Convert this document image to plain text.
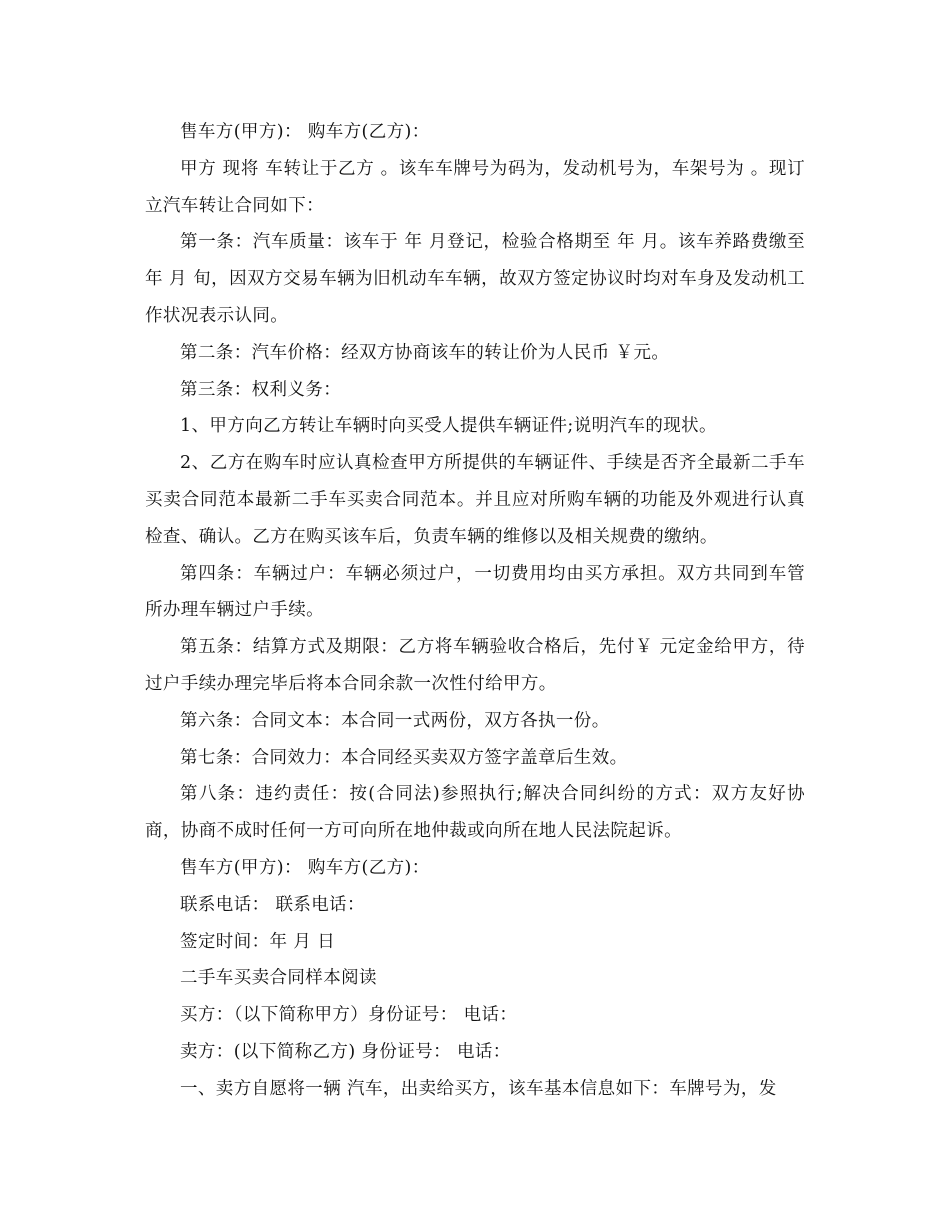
售车方(甲方)： 购车方(乙方)：

甲方 现将 车转让于乙方 。该车车牌号为码为，发动机号为，车架号为 。现订立汽车转让合同如下：

第一条：汽车质量：该车于 年 月登记，检验合格期至 年 月。该车养路费缴至 年 月 旬，因双方交易车辆为旧机动车车辆，故双方签定协议时均对车身及发动机工作状况表示认同。

第二条：汽车价格：经双方协商该车的转让价为人民币 ￥元。

第三条：权利义务：

1、甲方向乙方转让车辆时向买受人提供车辆证件;说明汽车的现状。

2、乙方在购车时应认真检查甲方所提供的车辆证件、手续是否齐全最新二手车买卖合同范本最新二手车买卖合同范本。并且应对所购车辆的功能及外观进行认真检查、确认。乙方在购买该车后，负责车辆的维修以及相关规费的缴纳。

第四条：车辆过户：车辆必须过户，一切费用均由买方承担。双方共同到车管所办理车辆过户手续。

第五条：结算方式及期限：乙方将车辆验收合格后，先付￥ 元定金给甲方，待过户手续办理完毕后将本合同余款一次性付给甲方。

第六条：合同文本：本合同一式两份，双方各执一份。

第七条：合同效力：本合同经买卖双方签字盖章后生效。

第八条：违约责任：按(合同法)参照执行;解决合同纠纷的方式：双方友好协商，协商不成时任何一方可向所在地仲裁或向所在地人民法院起诉。

售车方(甲方)： 购车方(乙方)：

联系电话： 联系电话：

签定时间：年 月 日

二手车买卖合同样本阅读

买方：（以下简称甲方）身份证号： 电话：

卖方：(以下简称乙方) 身份证号： 电话：

一、卖方自愿将一辆 汽车，出卖给买方，该车基本信息如下：车牌号为，发
